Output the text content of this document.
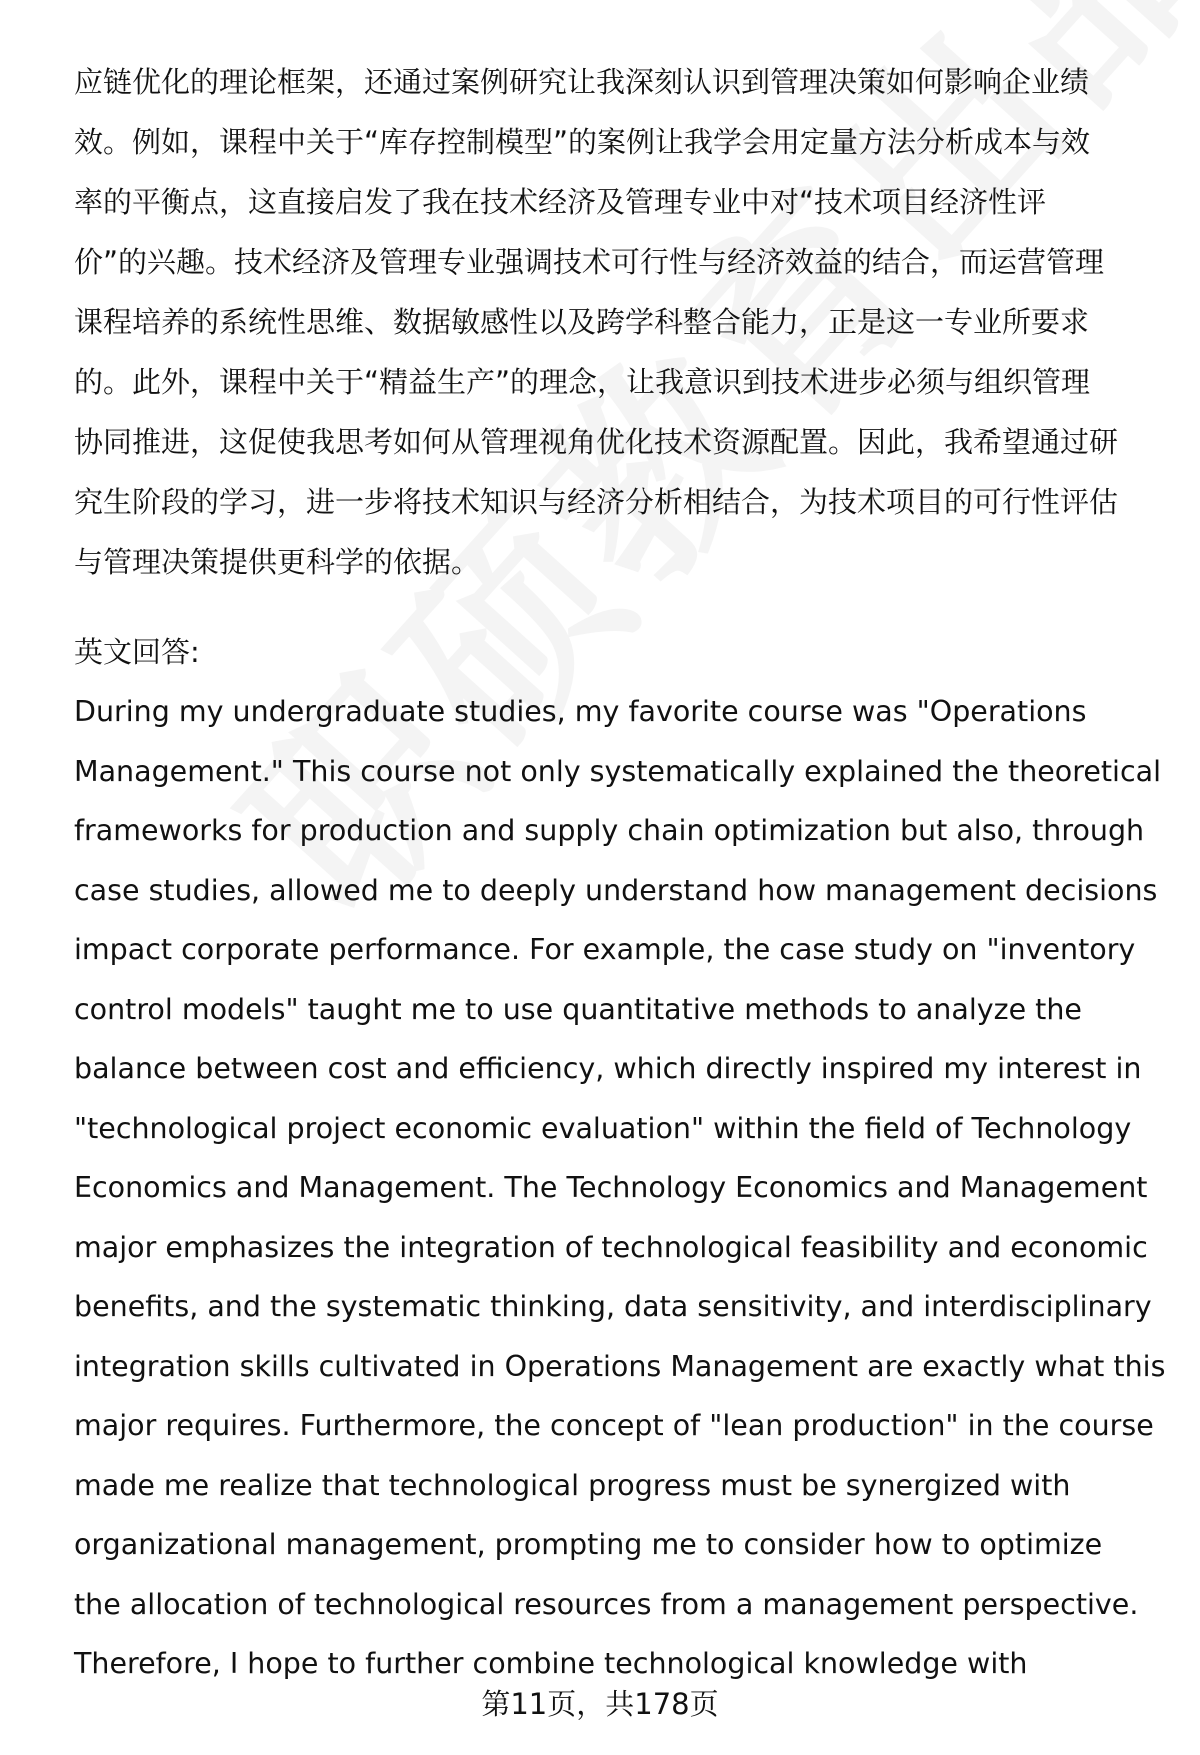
应链优化的理论框架，还通过案例研究让我深刻认识到管理决策如何影响企业绩
效。例如，课程中关于“库存控制模型”的案例让我学会用定量方法分析成本与效
率的平衡点，这直接启发了我在技术经济及管理专业中对“技术项目经济性评
价”的兴趣。技术经济及管理专业强调技术可行性与经济效益的结合，而运营管理
课程培养的系统性思维、数据敏感性以及跨学科整合能力，正是这一专业所要求
的。此外，课程中关于“精益生产”的理念，让我意识到技术进步必须与组织管理
协同推进，这促使我思考如何从管理视角优化技术资源配置。因此，我希望通过研
究生阶段的学习，进一步将技术知识与经济分析相结合，为技术项目的可行性评估
与管理决策提供更科学的依据。
英文回答:
During my undergraduate studies, my favorite course was "Operations
Management." This course not only systematically explained the theoretical
frameworks for production and supply chain optimization but also, through
case studies, allowed me to deeply understand how management decisions
impact corporate performance. For example, the case study on "inventory
control models" taught me to use quantitative methods to analyze the
balance between cost and efficiency, which directly inspired my interest in
"technological project economic evaluation" within the field of Technology
Economics and Management. The Technology Economics and Management
major emphasizes the integration of technological feasibility and economic
benefits, and the systematic thinking, data sensitivity, and interdisciplinary
integration skills cultivated in Operations Management are exactly what this
major requires. Furthermore, the concept of "lean production" in the course
made me realize that technological progress must be synergized with
organizational management, prompting me to consider how to optimize
the allocation of technological resources from a management perspective.
Therefore, I hope to further combine technological knowledge with
第11页，共178页
